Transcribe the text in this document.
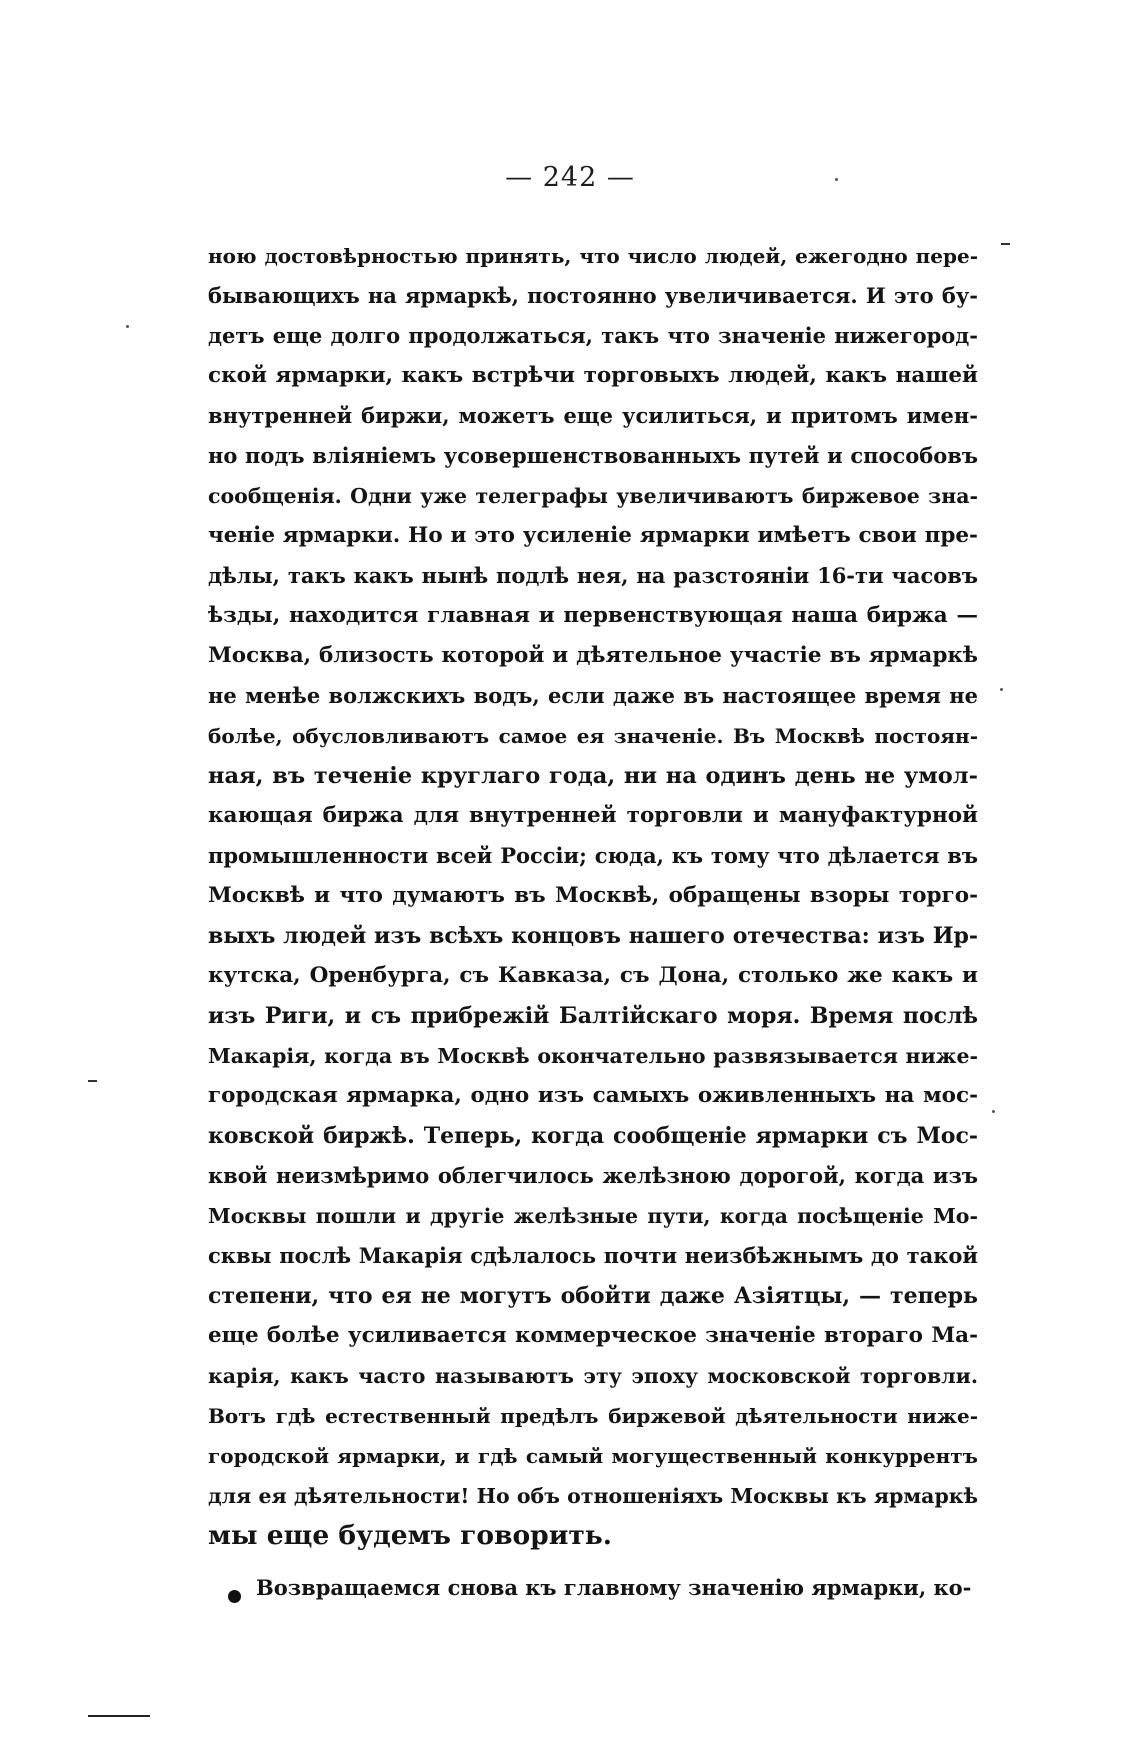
— 242 —
нoю достовѣрностью принять, что число людей, ежегодно пере-
бывающихъ на ярмаркѣ, постоянно увеличивается. И это бу-
детъ еще долго продолжаться, такъ что значенiе нижегород-
ской ярмарки, какъ встрѣчи торговыхъ людей, какъ нашей
внутренней биржи, можетъ еще усилиться, и притомъ имен-
но подъ влiянiемъ усовершенствованныхъ путей и способовъ
сообщенiя. Одни уже телеграфы увеличиваютъ биржевое зна-
ченiе ярмарки. Но и это усиленiе ярмарки имѣетъ свои пре-
дѣлы, такъ какъ нынѣ подлѣ нея, на разстоянiи 16-ти часовъ
ѣзды, находится главная и первенствующая наша биржа —
Москва, близость которой и дѣятельное участiе въ ярмаркѣ
не менѣе волжскихъ водъ, если даже въ настоящее время не
болѣе, обусловливаютъ самое ея значенiе. Въ Москвѣ постоян-
ная, въ теченiе круглаго года, ни на одинъ день не умол-
кающая биржа для внутренней торговли и мануфактурной
промышленности всей Россiи; сюда, къ тому что дѣлается въ
Москвѣ и что думаютъ въ Москвѣ, обращены взоры торго-
выхъ людей изъ всѣхъ концовъ нашего отечества: изъ Ир-
кутска, Оренбурга, съ Кавказа, съ Дона, столько же какъ и
изъ Риги, и съ прибрежiй Балтiйскаго моря. Время послѣ
Макарiя, когда въ Москвѣ окончательно развязывается ниже-
городская ярмарка, одно изъ самыхъ оживленныхъ на мос-
ковской биржѣ. Теперь, когда сообщенiе ярмарки съ Мос-
квой неизмѣримо облегчилось желѣзною дорогой, когда изъ
Москвы пошли и другiе желѣзные пути, когда посѣщенiе Мо-
сквы послѣ Макарiя сдѣлалось почти неизбѣжнымъ до такой
степени, что ея не могутъ обойти даже Азiятцы, — теперь
еще болѣе усиливается коммерческое значенiе втораго Ма-
карiя, какъ часто называютъ эту эпоху московской торговли.
Вотъ гдѣ естественный предѣлъ биржевой дѣятельности ниже-
городской ярмарки, и гдѣ самый могущественный конкуррентъ
для ея дѣятельности! Но объ отношенiяхъ Москвы къ ярмаркѣ
мы еще будемъ говорить.
Возвращаемся снова къ главному значенiю ярмарки, ко-
